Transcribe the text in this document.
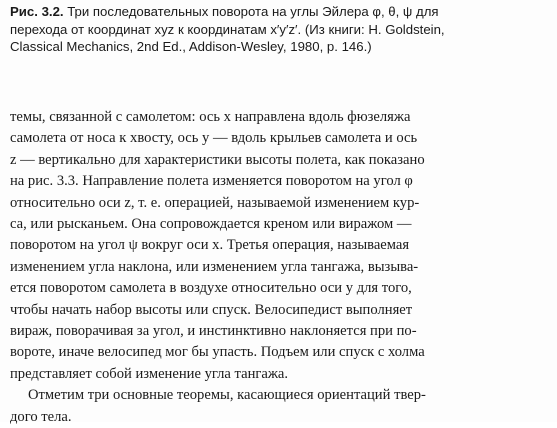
Рис. 3.2. Три последовательных поворота на углы Эйлера φ, θ, ψ для
перехода от координат xyz к координатам x′y′z′. (Из книги: H. Goldstein,
Classical Mechanics, 2nd Ed., Addison-Wesley, 1980, p. 146.)
темы, связанной с самолетом: ось x направлена вдоль фюзеляжа
самолета от носа к хвосту, ось y — вдоль крыльев самолета и ось
z — вертикально для характеристики высоты полета, как показано
на рис. 3.3. Направление полета изменяется поворотом на угол φ
относительно оси z, т. е. операцией, называемой изменением кур-
са, или рысканьем. Она сопровождается креном или виражом —
поворотом на угол ψ вокруг оси x. Третья операция, называемая
изменением угла наклона, или изменением угла тангажа, вызыва-
ется поворотом самолета в воздухе относительно оси y для того,
чтобы начать набор высоты или спуск. Велосипедист выполняет
вираж, поворачивая за угол, и инстинктивно наклоняется при по-
вороте, иначе велосипед мог бы упасть. Подъем или спуск с холма
представляет собой изменение угла тангажа.
Отметим три основные теоремы, касающиеся ориентаций твер-
дого тела.
